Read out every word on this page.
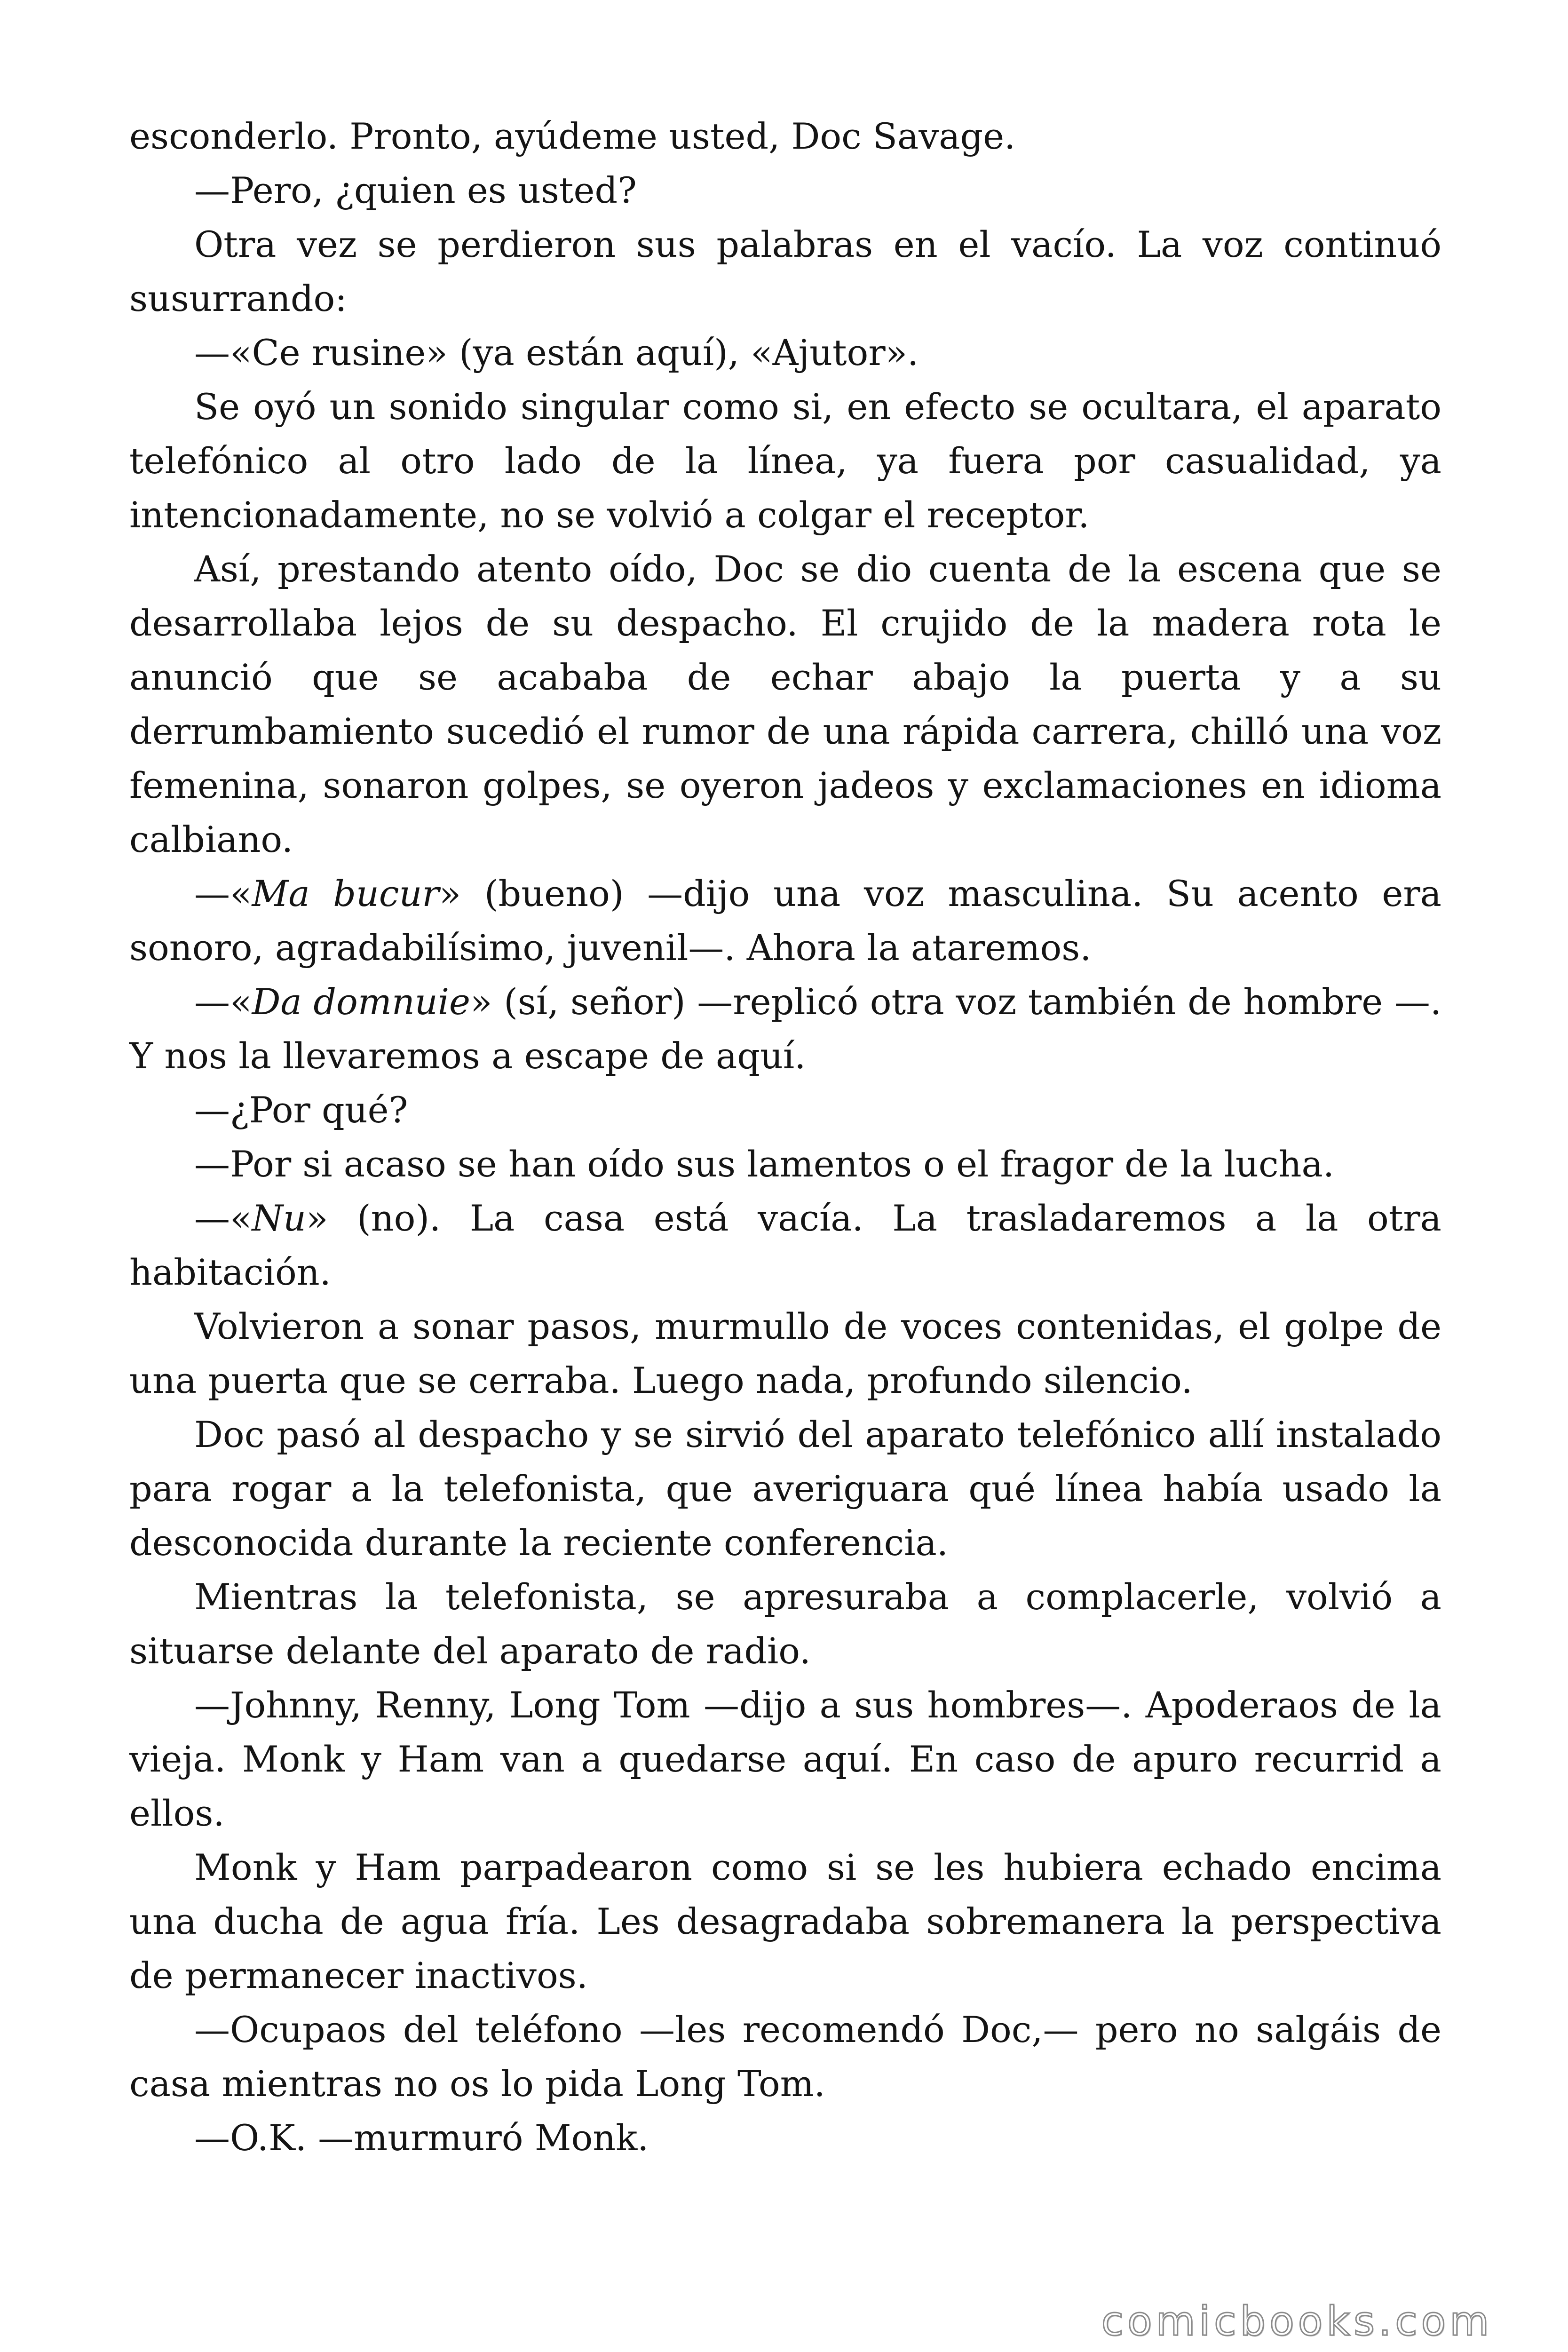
esconderlo. Pronto, ayúdeme usted, Doc Savage.

—Pero, ¿quien es usted?

Otra vez se perdieron sus palabras en el vacío. La voz continuó susurrando:

—«Ce rusine» (ya están aquí), «Ajutor».

Se oyó un sonido singular como si, en efecto se ocultara, el aparato telefónico al otro lado de la línea, ya fuera por casualidad, ya intencionadamente, no se volvió a colgar el receptor.

Así, prestando atento oído, Doc se dio cuenta de la escena que se desarrollaba lejos de su despacho. El crujido de la madera rota le anunció que se acababa de echar abajo la puerta y a su derrumbamiento sucedió el rumor de una rápida carrera, chilló una voz femenina, sonaron golpes, se oyeron jadeos y exclamaciones en idioma calbiano.

—«Ma bucur» (bueno) —dijo una voz masculina. Su acento era sonoro, agradabilísimo, juvenil—. Ahora la ataremos.

—«Da domnuie» (sí, señor) —replicó otra voz también de hombre —. Y nos la llevaremos a escape de aquí.

—¿Por qué?

—Por si acaso se han oído sus lamentos o el fragor de la lucha.

—«Nu» (no). La casa está vacía. La trasladaremos a la otra habitación.

Volvieron a sonar pasos, murmullo de voces contenidas, el golpe de una puerta que se cerraba. Luego nada, profundo silencio.

Doc pasó al despacho y se sirvió del aparato telefónico allí instalado para rogar a la telefonista, que averiguara qué línea había usado la desconocida durante la reciente conferencia.

Mientras la telefonista, se apresuraba a complacerle, volvió a situarse delante del aparato de radio.

—Johnny, Renny, Long Tom —dijo a sus hombres—. Apoderaos de la vieja. Monk y Ham van a quedarse aquí. En caso de apuro recurrid a ellos.

Monk y Ham parpadearon como si se les hubiera echado encima una ducha de agua fría. Les desagradaba sobremanera la perspectiva de permanecer inactivos.

—Ocupaos del teléfono —les recomendó Doc,— pero no salgáis de casa mientras no os lo pida Long Tom.

—O.K. —murmuró Monk.

comicbooks.com
